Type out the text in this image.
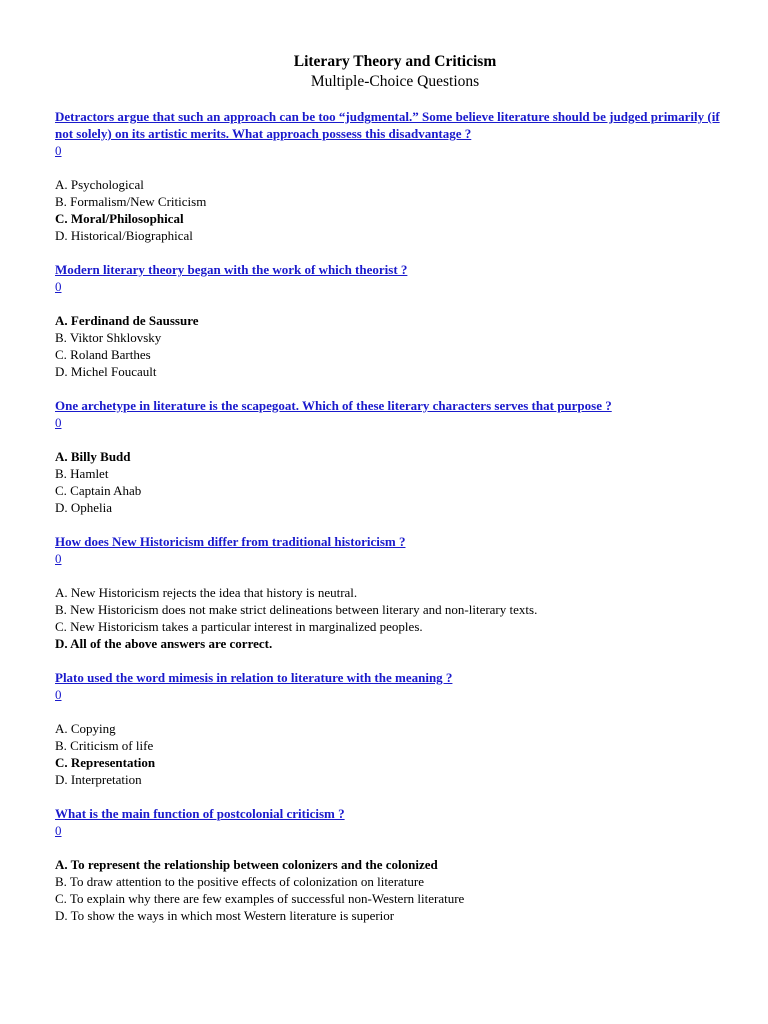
Literary Theory and Criticism
Multiple-Choice Questions
Detractors argue that such an approach can be too “judgmental.” Some believe literature should be judged primarily (if not solely) on its artistic merits. What approach possess this disadvantage ?
0
A. Psychological
B. Formalism/New Criticism
C. Moral/Philosophical
D. Historical/Biographical
Modern literary theory began with the work of which theorist ?
0
A. Ferdinand de Saussure
B. Viktor Shklovsky
C. Roland Barthes
D. Michel Foucault
One archetype in literature is the scapegoat. Which of these literary characters serves that purpose ?
0
A. Billy Budd
B. Hamlet
C. Captain Ahab
D. Ophelia
How does New Historicism differ from traditional historicism ?
0
A. New Historicism rejects the idea that history is neutral.
B. New Historicism does not make strict delineations between literary and non-literary texts.
C. New Historicism takes a particular interest in marginalized peoples.
D. All of the above answers are correct.
Plato used the word mimesis in relation to literature with the meaning ?
0
A. Copying
B. Criticism of life
C. Representation
D. Interpretation
What is the main function of postcolonial criticism ?
0
A. To represent the relationship between colonizers and the colonized
B. To draw attention to the positive effects of colonization on literature
C. To explain why there are few examples of successful non-Western literature
D. To show the ways in which most Western literature is superior
